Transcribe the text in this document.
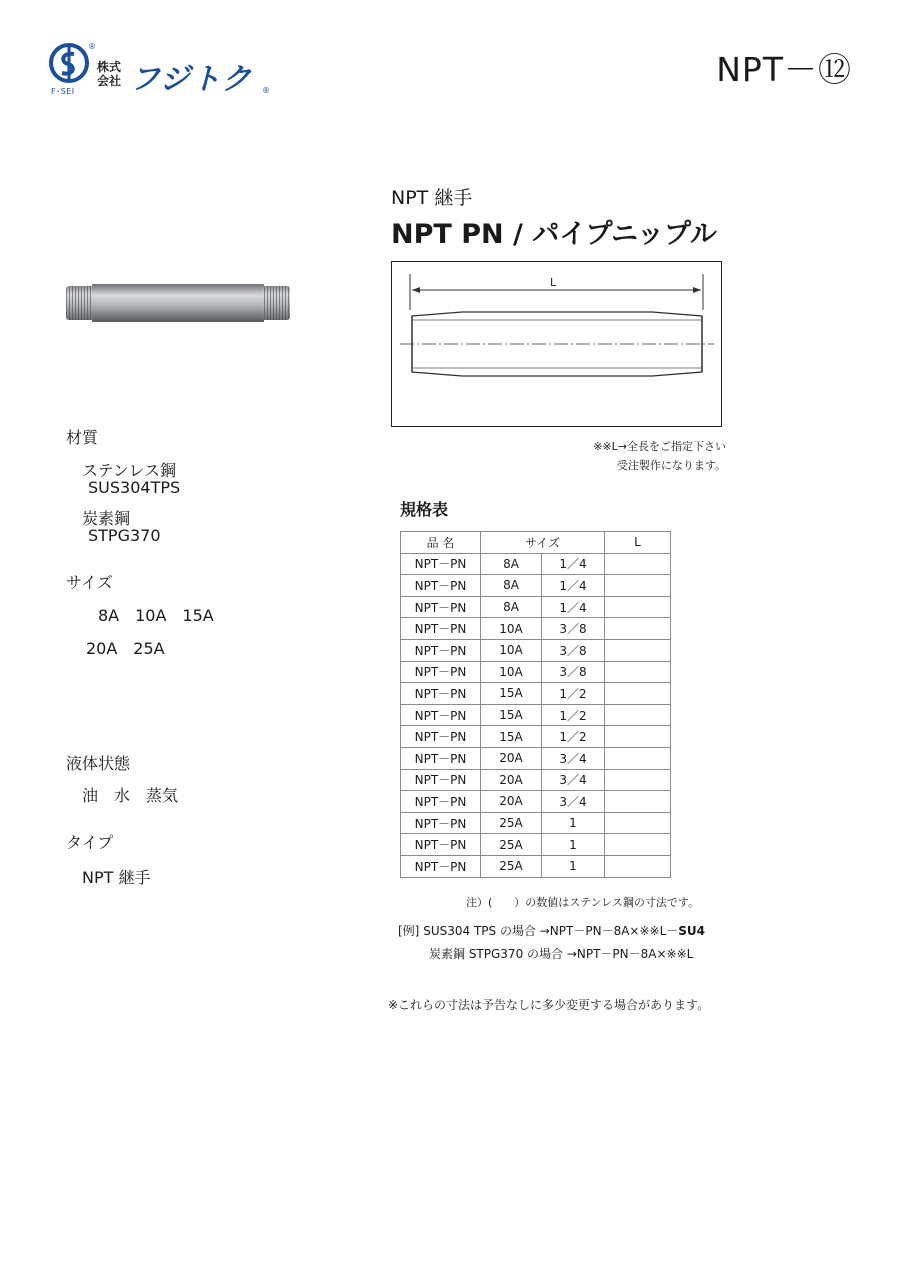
®
F･SEI
株式
会社 フジトク ®
NPT－⑫
NPT 継手
NPT PN / パイプニップル
L
※※L→全長をご指定下さい
受注製作になります。
材質
ステンレス鋼
SUS304TPS
炭素鋼
STPG370
サイズ
8A　10A　15A
20A　25A
液体状態
油　水　蒸気
タイプ
NPT 継手
規格表
品 名	サイズ		L
NPT－PN	8A	1／4	
NPT－PN	8A	1／4	
NPT－PN	8A	1／4	
NPT－PN	10A	3／8	
NPT－PN	10A	3／8	
NPT－PN	10A	3／8	
NPT－PN	15A	1／2	
NPT－PN	15A	1／2	
NPT－PN	15A	1／2	
NPT－PN	20A	3／4	
NPT－PN	20A	3／4	
NPT－PN	20A	3／4	
NPT－PN	25A	1	
NPT－PN	25A	1	
NPT－PN	25A	1	
注）(　　）の数値はステンレス鋼の寸法です。
[例] SUS304 TPS の場合 →NPT－PN－8A×※※L－SU4
炭素鋼 STPG370 の場合 →NPT－PN－8A×※※L
※これらの寸法は予告なしに多少変更する場合があります。
